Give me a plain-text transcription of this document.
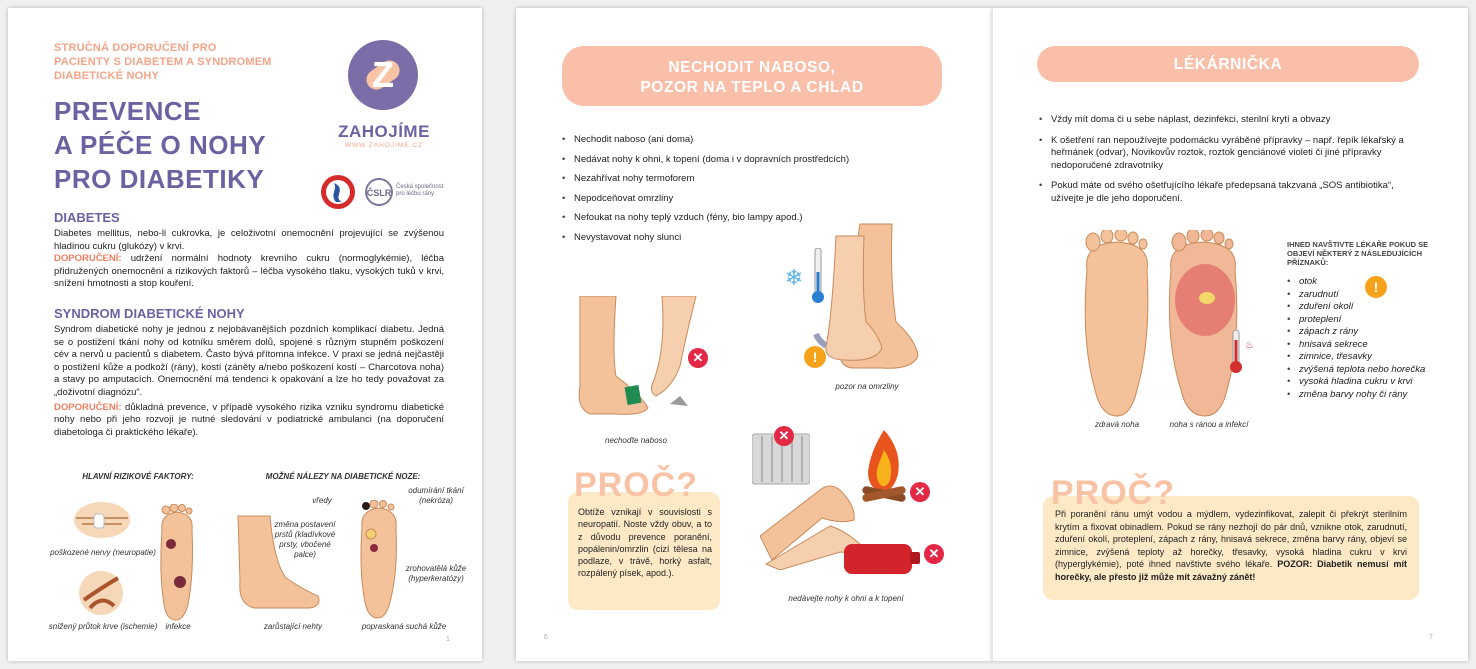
STRUČNÁ DOPORUČENÍ PRO
PACIENTY S DIABETEM A SYNDROMEM
DIABETICKÉ NOHY
PREVENCE
A PÉČE O NOHY
PRO DIABETIKY
Z
ZAHOJÍME
WWW.ZAHOJIME.CZ
ČSLR
Česká společnost
pro léčbu rány
DIABETES
Diabetes mellitus, nebo-li cukrovka, je celoživotní onemocnění projevující se zvýšenou hladinou cukru (glukózy) v krvi.
DOPORUČENÍ: udržení normální hodnoty krevního cukru (normoglykémie), léčba přidružených onemocnění a rizikových faktorů – léčba vysokého tlaku, vysokých tuků v krvi, snížení hmotnosti a stop kouření.
SYNDROM DIABETICKÉ NOHY
Syndrom diabetické nohy je jednou z nejobávanějších pozdních komplikací diabetu. Jedná se o postižení tkání nohy od kotníku směrem dolů, spojené s různým stupněm poškození cév a nervů u pacientů s diabetem. Často bývá přítomna infekce. V praxi se jedná nejčastěji o postižení kůže a podkoží (rány), kostí (záněty a/nebo poškození kostí – Charcotova noha) a stavy po amputacích. Onemocnění má tendenci k opakování a lze ho tedy považovat za „doživotní diagnózu“.
DOPORUČENÍ: důkladná prevence, v případě vysokého rizika vzniku syndromu diabetické nohy nebo při jeho rozvoji je nutné sledování v podiatrické ambulanci (na doporučení diabetologa či praktického lékaře).
HLAVNÍ RIZIKOVÉ FAKTORY:	MOŽNÉ NÁLEZY NA DIABETICKÉ NOZE:
poškozené nervy (neuropatie)
snížený průtok krve (ischemie)	infekce
změna postavení
prstů (kladívkové
prsty, vbočené
palce)
zarůstající nehty
vředy
odumírání tkání
(nekróza)
zrohovatělá kůže
(hyperkeratózy)
popraskaná suchá kůže
1
NECHODIT NABOSO,
POZOR NA TEPLO A CHLAD
• Nechodit naboso (ani doma)
• Nedávat nohy k ohni, k topení (doma i v dopravních prostředcích)
• Nezahřívat nohy termoforem
• Nepodceňovat omrzliny
• Nefoukat na nohy teplý vzduch (fény, bio lampy apod.)
• Nevystavovat nohy slunci
❄
!
pozor na omrzliny
✕
nechoďte naboso	✕
✕
✕
nedávejte nohy k ohni a k topení
Obtíže vznikají v souvislosti s neuropatií. Noste vždy obuv, a to z důvodu prevence poranění, popálenin/omrzlin (cizí tělesa na podlaze, v trávě, horký asfalt, rozpálený písek, apod.).
PROČ?
6
LÉKÁRNIČKA
• Vždy mít doma či u sebe náplast, dezinfekci, sterilní krytí a obvazy
• K ošetření ran nepoužívejte podomácku vyráběné přípravky – např. řepík lékařský a heřmánek (odvar), Novikovův roztok, roztok genciánové violeti či jiné přípravky nedoporučené zdravotníky
• Pokud máte od svého ošetřujícího lékaře předepsaná takzvaná „SOS antibiotika“, užívejte je dle jeho doporučení.
♨
zdravá noha	noha s ránou a infekcí
IHNED NAVŠTIVTE LÉKAŘE POKUD SE OBJEVÍ NĚKTERÝ Z NÁSLEDUJÍCÍCH PŘÍZNAKŮ:
!
• otok
• zarudnutí
• zduření okolí
• proteplení
• zápach z rány
• hnisavá sekrece
• zimnice, třesavky
• zvýšená teplota nebo horečka
• vysoká hladina cukru v krvi
• změna barvy nohy či rány
Při poranění ránu umýt vodou a mýdlem, vydezinfikovat, zalepit či překrýt sterilním krytím a fixovat obinadlem. Pokud se rány nezhojí do pár dnů, vznikne otok, zarudnutí, zduření okolí, proteplení, zápach z rány, hnisavá sekrece, změna barvy rány, objeví se zimnice, zvýšená teploty až horečky, třesavky, vysoká hladina cukru v krvi (hyperglykémie), poté ihned navštivte svého lékaře. POZOR: Diabetik nemusí mít horečky, ale přesto již může mít závažný zánět!
PROČ?
7
